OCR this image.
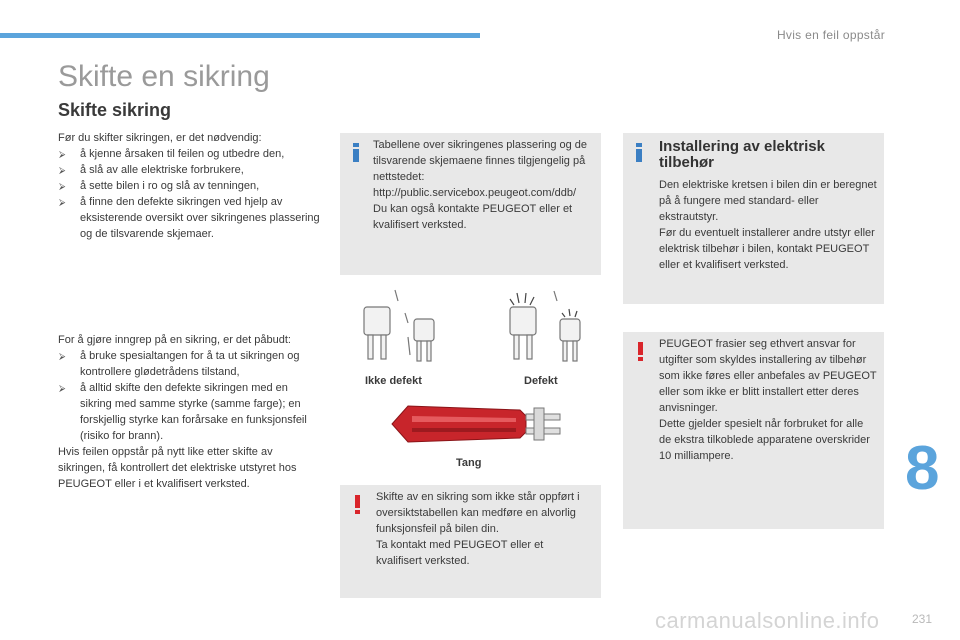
Hvis en feil oppstår
8
Skifte en sikring
Skifte sikring

Før du skifter sikringen, er det nødvendig:

⮚ å kjenne årsaken til feilen og utbedre den,
⮚ å slå av alle elektriske forbrukere,
⮚ å sette bilen i ro og slå av tenningen,
⮚ å finne den defekte sikringen ved hjelp av eksisterende oversikt over sikringenes plassering og de tilsvarende skjemaer.

For å gjøre inngrep på en sikring, er det påbudt:

⮚ å bruke spesialtangen for å ta ut sikringen og kontrollere glødetrådens tilstand,
⮚ å alltid skifte den defekte sikringen med en sikring med samme styrke (samme farge); en forskjellig styrke kan forårsake en funksjonsfeil (risiko for brann).

Hvis feilen oppstår på nytt like etter skifte av sikringen, få kontrollert det elektriske utstyret hos PEUGEOT eller i et kvalifisert verksted.

Tabellene over sikringenes plassering og de tilsvarende skjemaene finnes tilgjengelig på nettstedet:

http://public.servicebox.peugeot.com/ddb/

Du kan også kontakte PEUGEOT eller et kvalifisert verksted.

Ikke defekt	Defekt
Tang

Skifte av en sikring som ikke står oppført i oversiktstabellen kan medføre en alvorlig funksjonsfeil på bilen din.

Ta kontakt med PEUGEOT eller et kvalifisert verksted.

Installering av elektrisk tilbehør

Den elektriske kretsen i bilen din er beregnet på å fungere med standard- eller ekstrautstyr.

Før du eventuelt installerer andre utstyr eller elektrisk tilbehør i bilen, kontakt PEUGEOT eller et kvalifisert verksted.

PEUGEOT frasier seg ethvert ansvar for utgifter som skyldes installering av tilbehør som ikke føres eller anbefales av PEUGEOT eller som ikke er blitt installert etter deres anvisninger.

Dette gjelder spesielt når forbruket for alle de ekstra tilkoblede apparatene overskrider 10 milliampere.

carmanualsonline.info	231
